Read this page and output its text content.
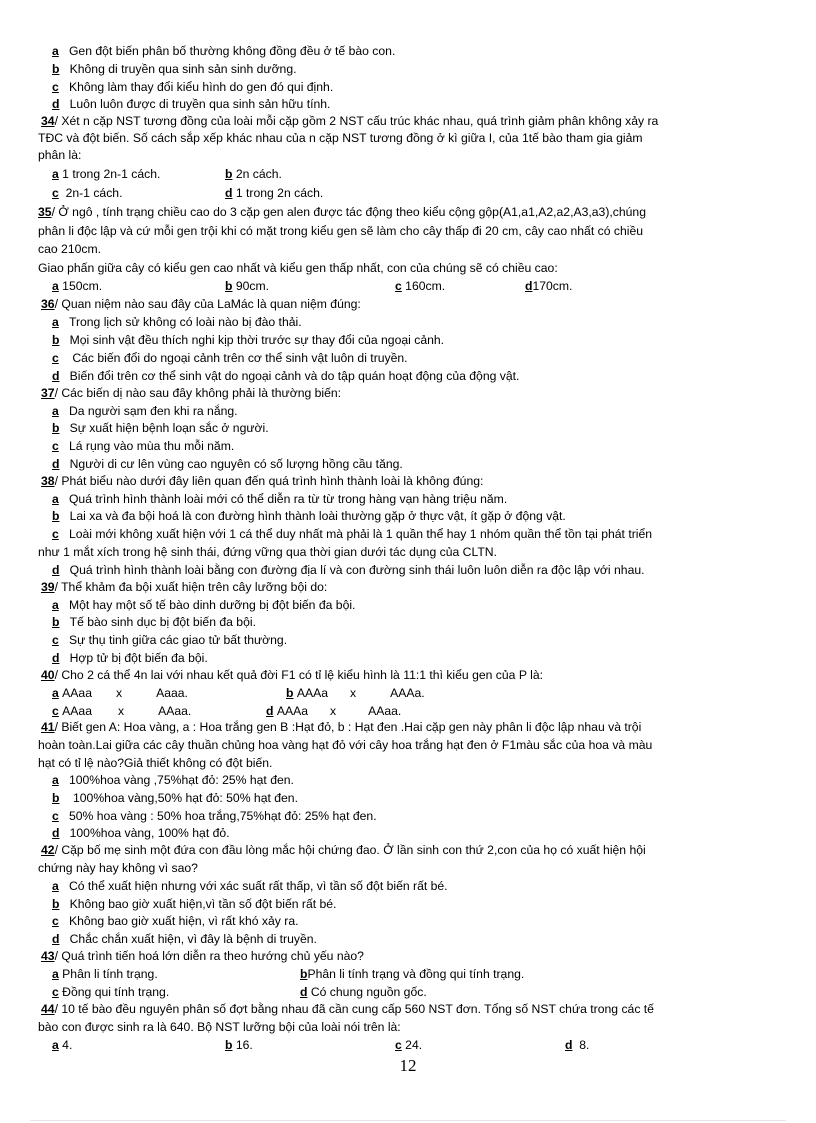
a Gen đột biến phân bố thường không đồng đều ở tế bào con.
b Không di truyền qua sinh sản sinh dưỡng.
c Không làm thay đổi kiểu hình do gen đó qui định.
d Luôn luôn được di truyền qua sinh sản hữu tính.
34/ Xét n cặp NST tương đồng của loài mỗi cặp gồm 2 NST cấu trúc khác nhau, quá trình giảm phân không xảy ra
TĐC và đột biến. Số cách sắp xếp khác nhau của n cặp NST tương đồng ở kì giữa I, của 1tế bào tham gia giảm
phân là:
a 1 trong 2n-1 cách.	b 2n cách.
c 2n-1 cách.	d 1 trong 2n cách.
35/ Ở ngô , tính trạng chiều cao do 3 cặp gen alen được tác động theo kiểu cộng gộp(A1,a1,A2,a2,A3,a3),chúng
phân li độc lập và cứ mỗi gen trội khi có mặt trong kiểu gen sẽ làm cho cây thấp đi 20 cm, cây cao nhất có chiều
cao 210cm.
Giao phấn giữa cây có kiểu gen cao nhất và kiểu gen thấp nhất, con của chúng sẽ có chiều cao:
a 150cm.	b 90cm.	c 160cm.	d170cm.
36/ Quan niệm nào sau đây của LaMác là quan niệm đúng:
a Trong lịch sử không có loài nào bị đào thải.
b Mọi sinh vật đều thích nghi kịp thời trước sự thay đổi của ngoại cảnh.
c Các biến đổi do ngoại cảnh trên cơ thể sinh vật luôn di truyền.
d Biến đổi trên cơ thể sinh vật do ngoại cảnh và do tập quán hoạt động của động vật.
37/ Các biến dị nào sau đây không phải là thường biến:
a Da người sạm đen khi ra nắng.
b Sự xuất hiện bệnh loạn sắc ở người.
c Lá rụng vào mùa thu mỗi năm.
d Người di cư lên vùng cao nguyên có số lượng hồng cầu tăng.
38/ Phát biểu nào dưới đây liên quan đến quá trình hình thành loài là không đúng:
a Quá trình hình thành loài mới có thể diễn ra từ từ trong hàng vạn hàng triệu năm.
b Lai xa và đa bội hoá là con đường hình thành loài thường gặp ở thực vật, ít gặp ở động vật.
c Loài mới không xuất hiện với 1 cá thể duy nhất mà phải là 1 quần thể hay 1 nhóm quần thể tồn tại phát triển
như 1 mắt xích trong hệ sinh thái, đứng vững qua thời gian dưới tác dụng của CLTN.
d Quá trình hình thành loài bằng con đường địa lí và con đường sinh thái luôn luôn diễn ra độc lập với nhau.
39/ Thể khảm đa bội xuất hiện trên cây lưỡng bội do:
a Một hay một số tế bào dinh dưỡng bị đột biến đa bội.
b Tế bào sinh dục bị đột biến đa bội.
c Sự thụ tinh giữa các giao tử bất thường.
d Hợp tử bị đột biến đa bội.
40/ Cho 2 cá thể 4n lai với nhau kết quả đời F1 có tỉ lệ kiểu hình là 11:1 thì kiểu gen của P là:
a AAaa x	Aaaa.	b AAAa x	AAAa.
c AAaa x	AAaa.	d AAAa x	AAaa.
41/ Biết gen A: Hoa vàng, a : Hoa trắng gen B :Hạt đỏ, b : Hạt đen .Hai cặp gen này phân li độc lập nhau và trội
hoàn toàn.Lai giữa các cây thuần chủng hoa vàng hạt đỏ với cây hoa trắng hạt đen ở F1màu sắc của hoa và màu
hạt có tỉ lệ nào?Giả thiết không có đột biến.
a 100%hoa vàng ,75%hạt đỏ: 25% hạt đen.
b 100%hoa vàng,50% hạt đỏ: 50% hạt đen.
c 50% hoa vàng : 50% hoa trắng,75%hạt đỏ: 25% hạt đen.
d 100%hoa vàng, 100% hạt đỏ.
42/ Cặp bố mẹ sinh một đứa con đầu lòng mắc hội chứng đao. Ở lần sinh con thứ 2,con của họ có xuất hiện hội
chứng này hay không vì sao?
a Có thể xuất hiện nhưng với xác suất rất thấp, vì tần số đột biến rất bé.
b Không bao giờ xuất hiện,vì tần số đột biến rất bé.
c Không bao giờ xuất hiện, vì rất khó xảy ra.
d Chắc chắn xuất hiện, vì đây là bệnh di truyền.
43/ Quá trình tiến hoá lớn diễn ra theo hướng chủ yếu nào?
a Phân li tính trạng.	bPhân li tính trạng và đồng qui tính trạng.
c Đồng qui tính trạng.	d Có chung nguồn gốc.
44/ 10 tế bào đều nguyên phân số đợt bằng nhau đã cần cung cấp 560 NST đơn. Tổng số NST chứa trong các tế
bào con được sinh ra là 640. Bộ NST lưỡng bội của loài nói trên là:
a 4.	b 16.	c 24.	d 8.
12
